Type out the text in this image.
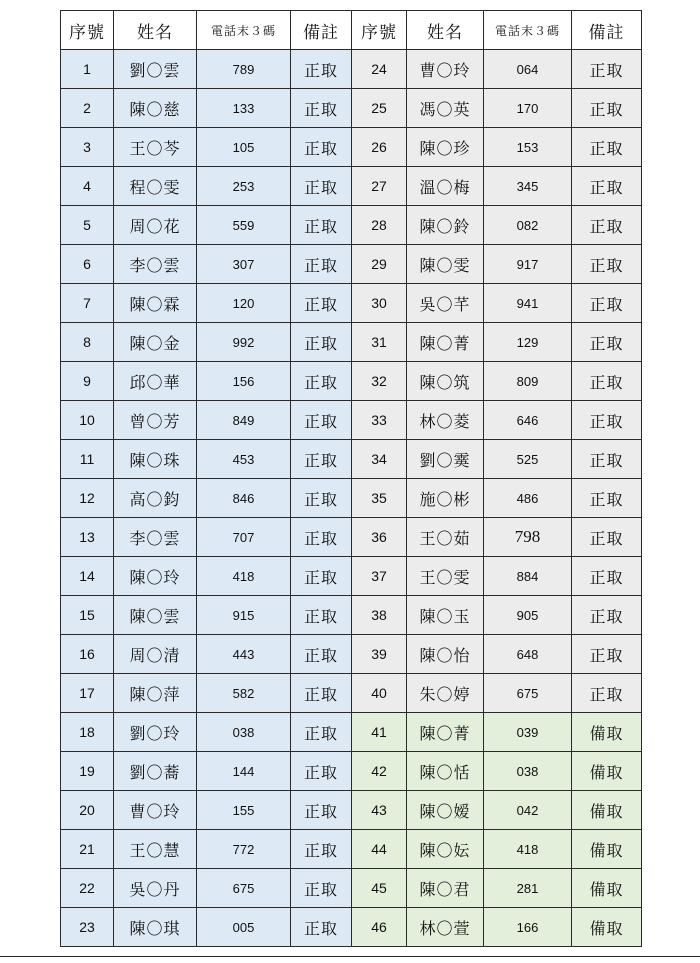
序號	姓名	電話末３碼	備註	序號	姓名	電話末３碼	備註
1	劉〇雲	789	正取	24	曹〇玲	064	正取
2	陳〇慈	133	正取	25	馮〇英	170	正取
3	王〇芩	105	正取	26	陳〇珍	153	正取
4	程〇雯	253	正取	27	溫〇梅	345	正取
5	周〇花	559	正取	28	陳〇鈴	082	正取
6	李〇雲	307	正取	29	陳〇雯	917	正取
7	陳〇霖	120	正取	30	吳〇芊	941	正取
8	陳〇金	992	正取	31	陳〇菁	129	正取
9	邱〇華	156	正取	32	陳〇筑	809	正取
10	曾〇芳	849	正取	33	林〇菱	646	正取
11	陳〇珠	453	正取	34	劉〇霙	525	正取
12	高〇鈞	846	正取	35	施〇彬	486	正取
13	李〇雲	707	正取	36	王〇茹	798	正取
14	陳〇玲	418	正取	37	王〇雯	884	正取
15	陳〇雲	915	正取	38	陳〇玉	905	正取
16	周〇清	443	正取	39	陳〇怡	648	正取
17	陳〇萍	582	正取	40	朱〇婷	675	正取
18	劉〇玲	038	正取	41	陳〇菁	039	備取
19	劉〇蕎	144	正取	42	陳〇恬	038	備取
20	曹〇玲	155	正取	43	陳〇嫒	042	備取
21	王〇慧	772	正取	44	陳〇妘	418	備取
22	吳〇丹	675	正取	45	陳〇君	281	備取
23	陳〇琪	005	正取	46	林〇萱	166	備取
